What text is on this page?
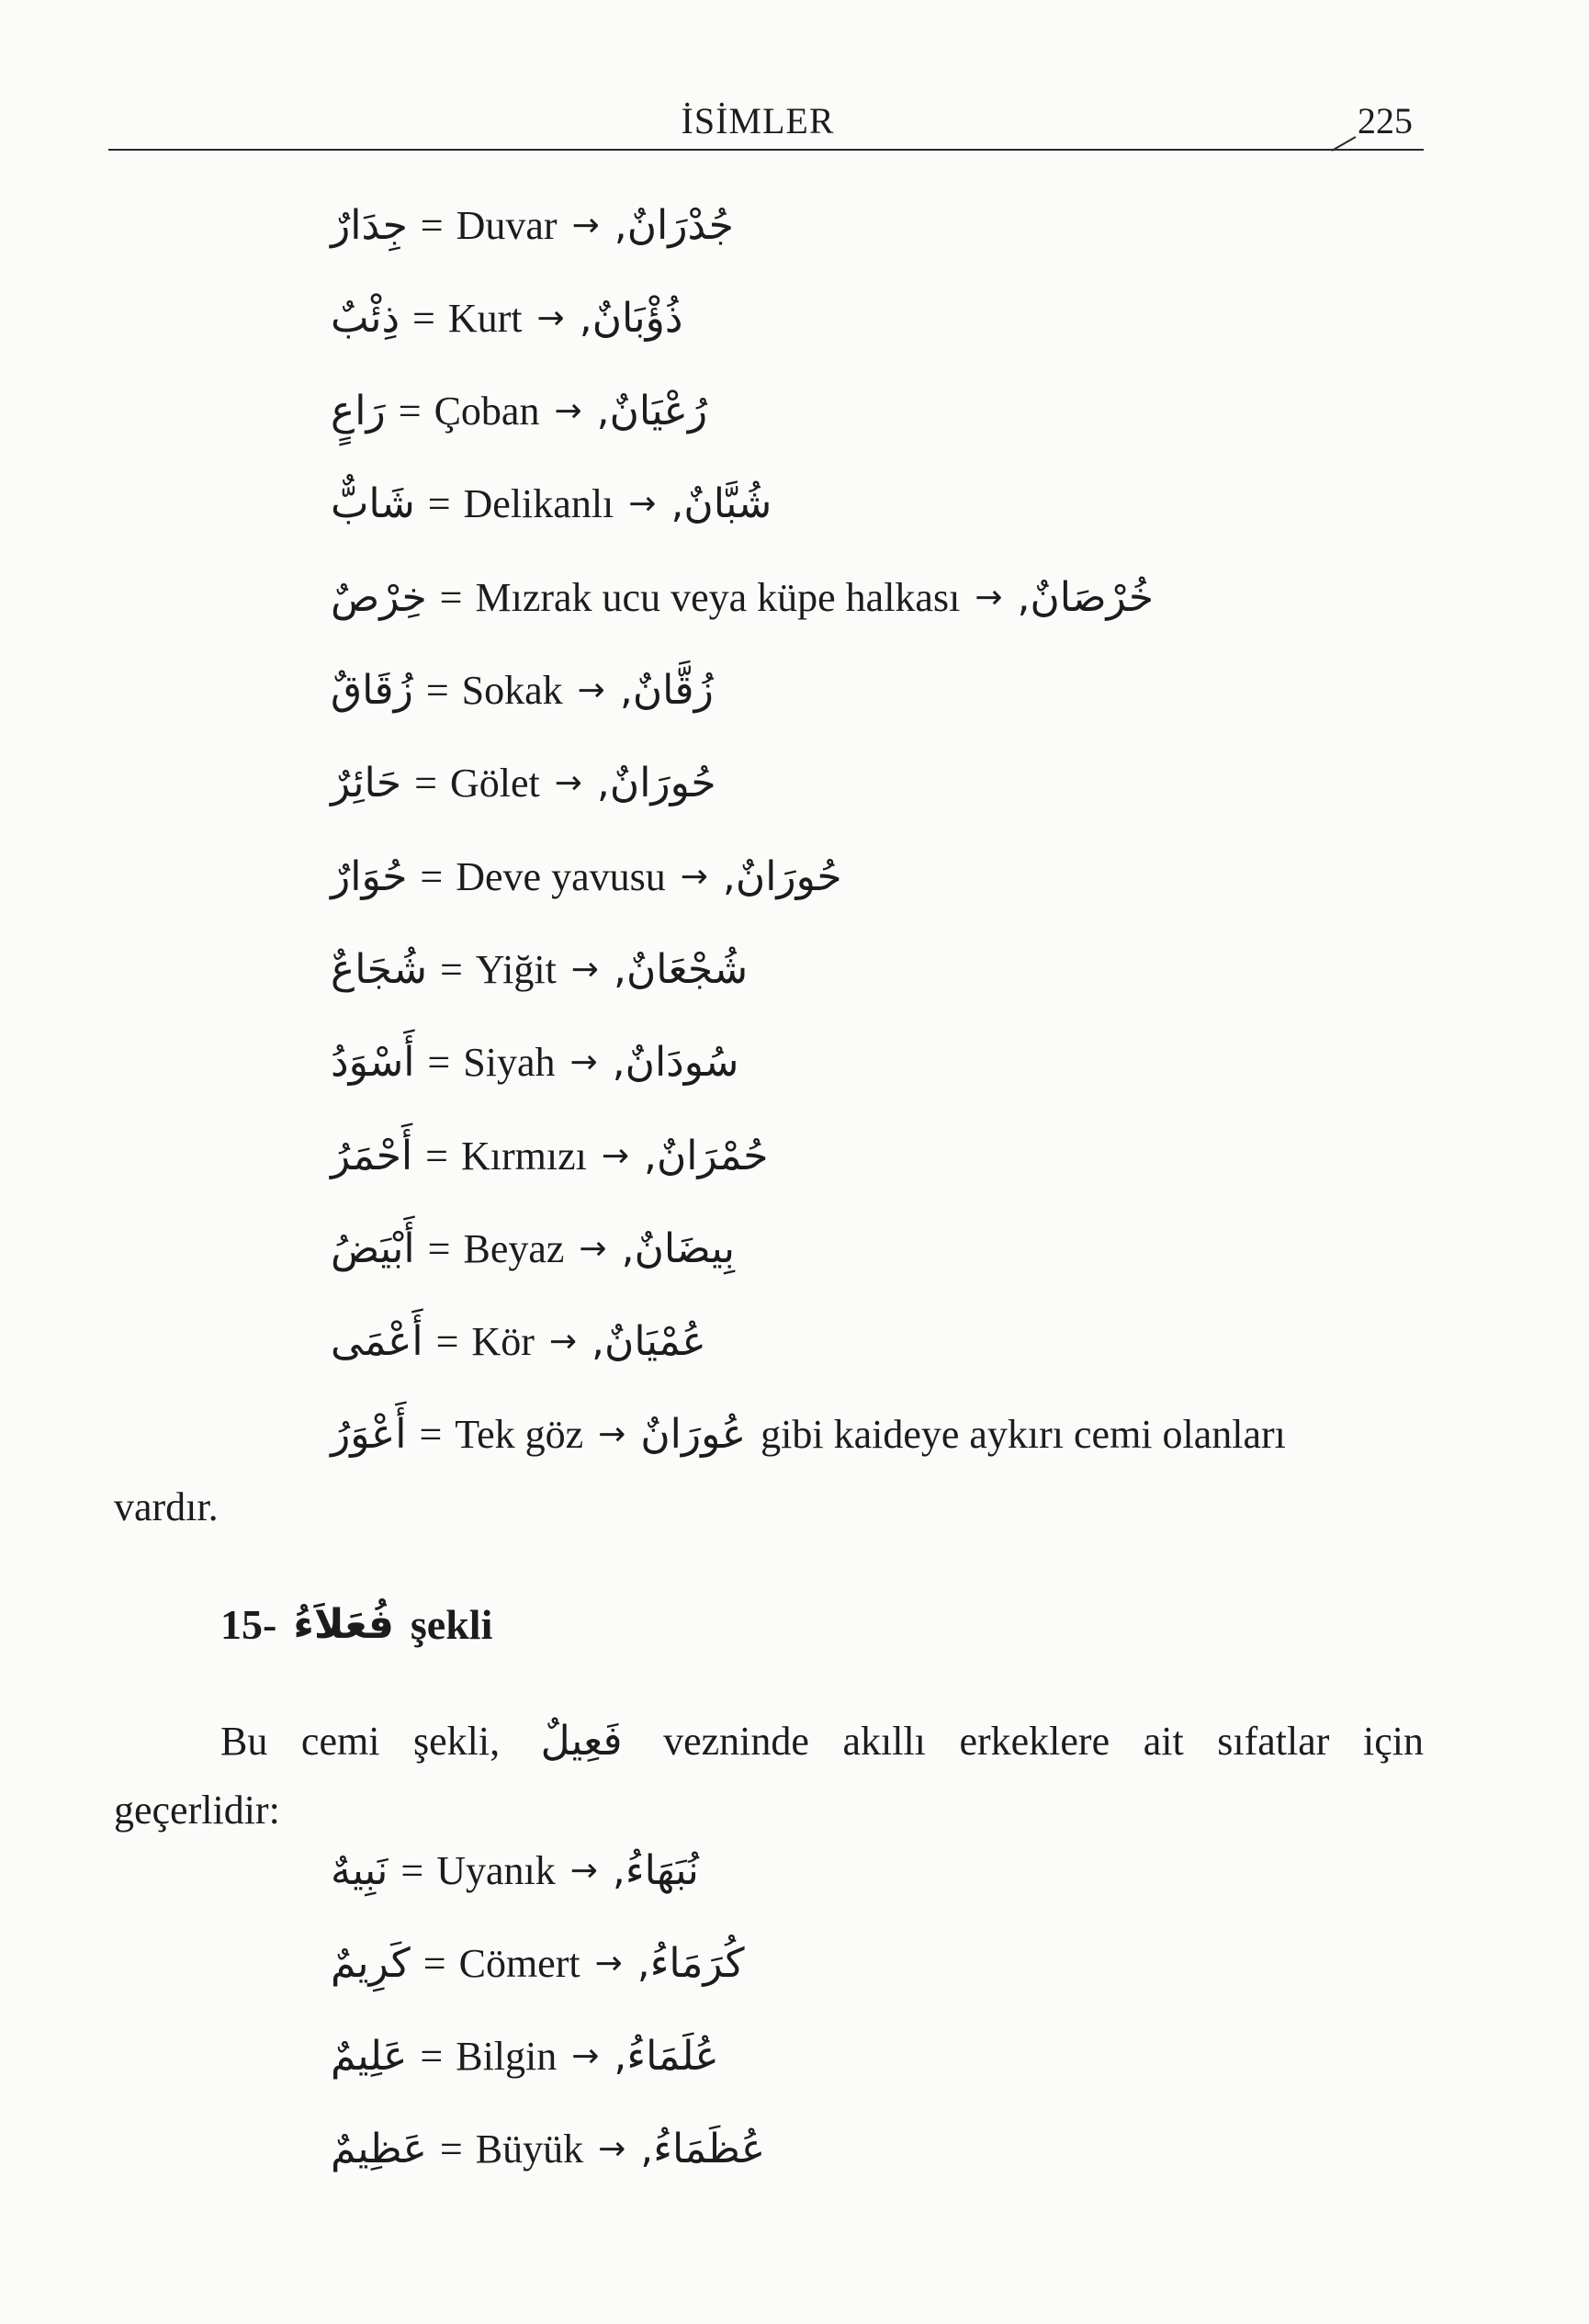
İSİMLER	225
جِدَارٌ = Duvar → جُدْرَانٌ,
ذِئْبٌ = Kurt → ذُؤْبَانٌ,
رَاعٍ = Çoban → رُعْيَانٌ,
شَابٌّ = Delikanlı → شُبَّانٌ,
خِرْصٌ = Mızrak ucu veya küpe halkası → خُرْصَانٌ,
زُقَاقٌ = Sokak → زُقَّانٌ,
حَائِرٌ = Gölet → حُورَانٌ,
حُوَارٌ = Deve yavusu → حُورَانٌ,
شُجَاعٌ = Yiğit → شُجْعَانٌ,
أَسْوَدُ = Siyah → سُودَانٌ,
أَحْمَرُ = Kırmızı → حُمْرَانٌ,
أَبْيَضُ = Beyaz → بِيضَانٌ,
أَعْمَى = Kör → عُمْيَانٌ,
أَعْوَرُ = Tek göz → عُورَانٌ gibi kaideye aykırı cemi olanları
vardır.
15- فُعَلاَءُ şekli
Bu cemi şekli, فَعِيلٌ vezninde akıllı erkeklere ait sıfatlar için
geçerlidir:
نَبِيهٌ = Uyanık → نُبَهَاءُ,
كَرِيمٌ = Cömert → كُرَمَاءُ,
عَلِيمٌ = Bilgin → عُلَمَاءُ,
عَظِيمٌ = Büyük → عُظَمَاءُ,
